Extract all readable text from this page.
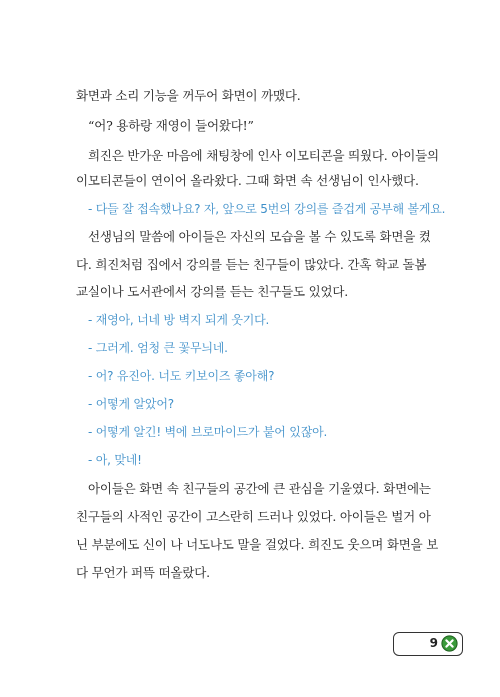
화면과 소리 기능을 꺼두어 화면이 까맸다.
“어? 용하랑 재영이 들어왔다!”
희진은 반가운 마음에 채팅창에 인사 이모티콘을 띄웠다. 아이들의
이모티콘들이 연이어 올라왔다. 그때 화면 속 선생님이 인사했다.
- 다들 잘 접속했나요? 자, 앞으로 5번의 강의를 즐겁게 공부해 볼게요.
선생님의 말씀에 아이들은 자신의 모습을 볼 수 있도록 화면을 켰
다. 희진처럼 집에서 강의를 듣는 친구들이 많았다. 간혹 학교 돌봄
교실이나 도서관에서 강의를 듣는 친구들도 있었다.
- 재영아, 너네 방 벽지 되게 웃기다.
- 그러게. 엄청 큰 꽃무늬네.
- 어? 유진아. 너도 키보이즈 좋아해?
- 어떻게 알았어?
- 어떻게 알긴! 벽에 브로마이드가 붙어 있잖아.
- 아, 맞네!
아이들은 화면 속 친구들의 공간에 큰 관심을 기울였다. 화면에는
친구들의 사적인 공간이 고스란히 드러나 있었다. 아이들은 벌거 아
닌 부분에도 신이 나 너도나도 말을 걸었다. 희진도 웃으며 화면을 보
다 무언가 퍼뜩 떠올랐다.
9
